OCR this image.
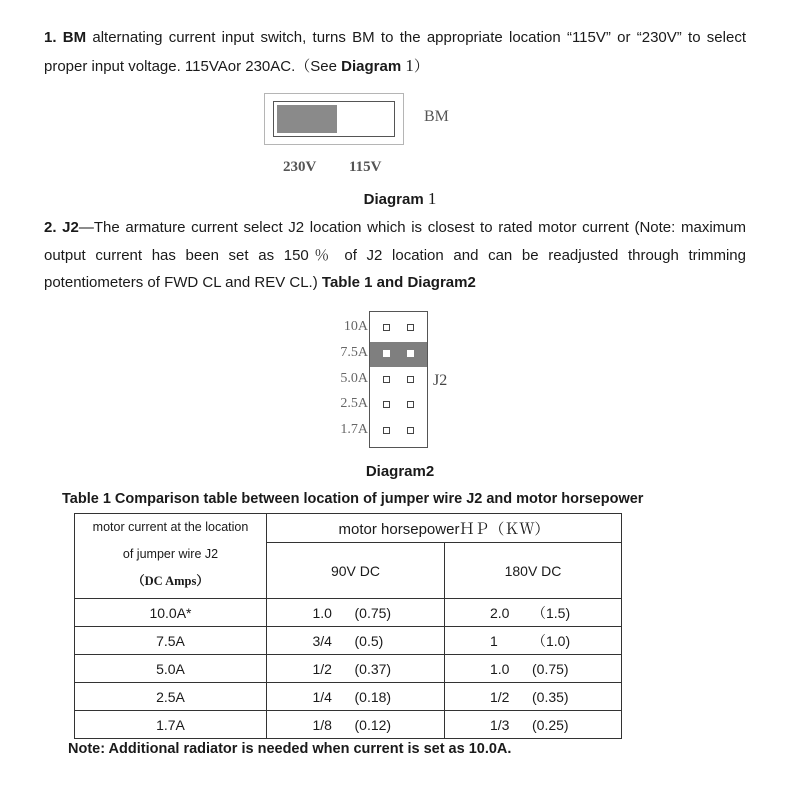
1. BM alternating current input switch, turns BM to the appropriate location “115V” or “230V” to select proper input voltage. 115VAor 230AC.（See Diagram 1）
BM
230V 115V
Diagram 1
2. J2—The armature current select J2 location which is closest to rated motor current (Note: maximum output current has been set as 150％ of J2 location and can be readjusted through trimming potentiometers of FWD CL and REV CL.) Table 1 and Diagram2
10A
7.5A
5.0A
2.5A
1.7A
J2
Diagram2
Table 1 Comparison table between location of jumper wire J2 and motor horsepower
motor current at the location
of jumper wire J2
（DC Amps）	motor horsepowerＨＰ（ＫＷ）	
	90V DC	180V DC
10.0A*	1.0 (0.75)	2.0 （1.5)
7.5A	3/4 (0.5)	1 （1.0)
5.0A	1/2 (0.37)	1.0 (0.75)
2.5A	1/4 (0.18)	1/2 (0.35)
1.7A	1/8 (0.12)	1/3 (0.25)
Note: Additional radiator is needed when current is set as 10.0A.
